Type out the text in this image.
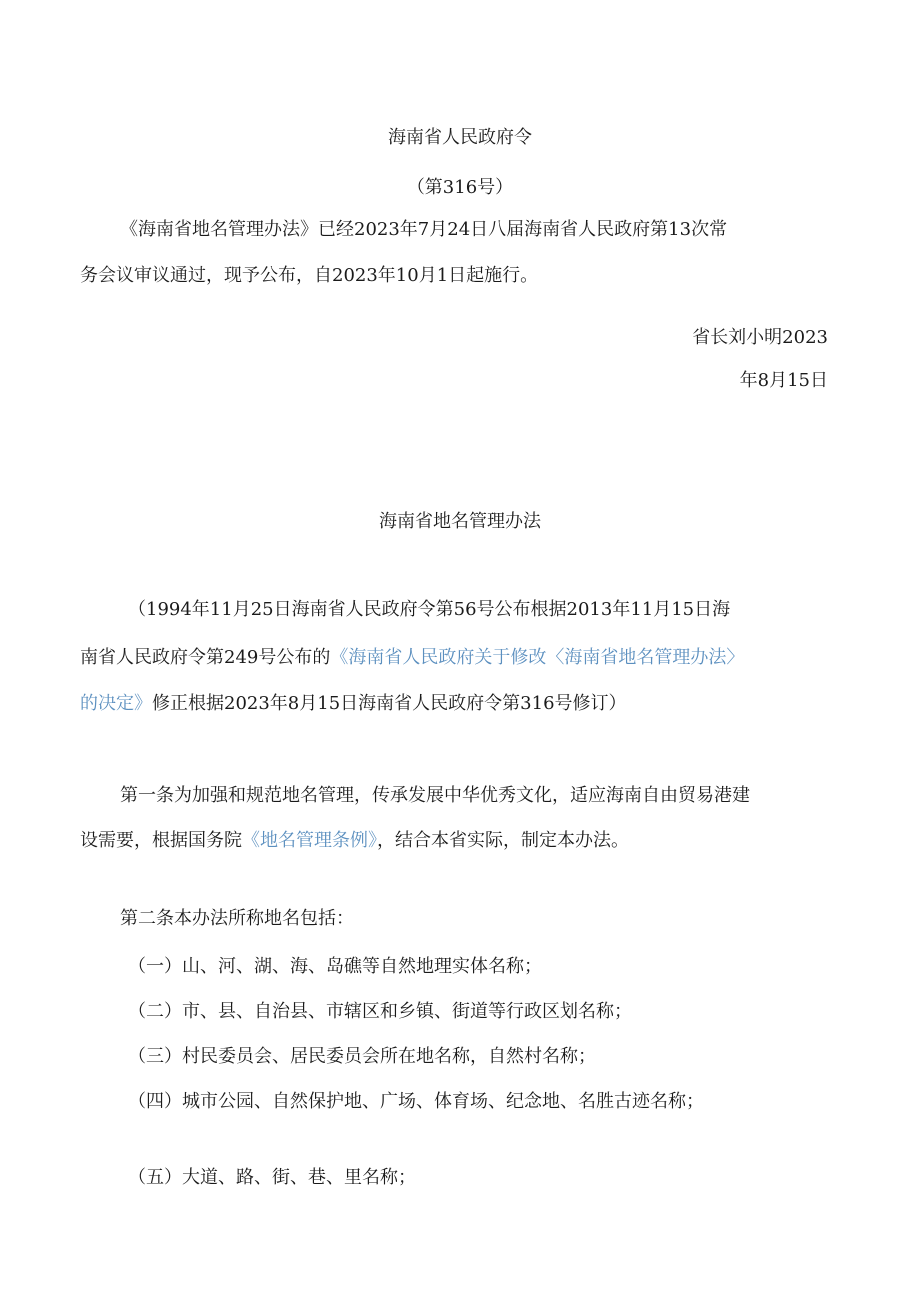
海南省人民政府令
（第316号）
《海南省地名管理办法》已经2023年7月24日八届海南省人民政府第13次常
务会议审议通过，现予公布，自2023年10月1日起施行。
省长刘小明2023
年8月15日
海南省地名管理办法
（1994年11月25日海南省人民政府令第56号公布根据2013年11月15日海
南省人民政府令第249号公布的《海南省人民政府关于修改〈海南省地名管理办法〉
的决定》修正根据2023年8月15日海南省人民政府令第316号修订）
第一条为加强和规范地名管理，传承发展中华优秀文化，适应海南自由贸易港建
设需要，根据国务院《地名管理条例》，结合本省实际，制定本办法。
第二条本办法所称地名包括：
（一）山、河、湖、海、岛礁等自然地理实体名称；
（二）市、县、自治县、市辖区和乡镇、街道等行政区划名称；
（三）村民委员会、居民委员会所在地名称，自然村名称；
（四）城市公园、自然保护地、广场、体育场、纪念地、名胜古迹名称；
（五）大道、路、街、巷、里名称；
